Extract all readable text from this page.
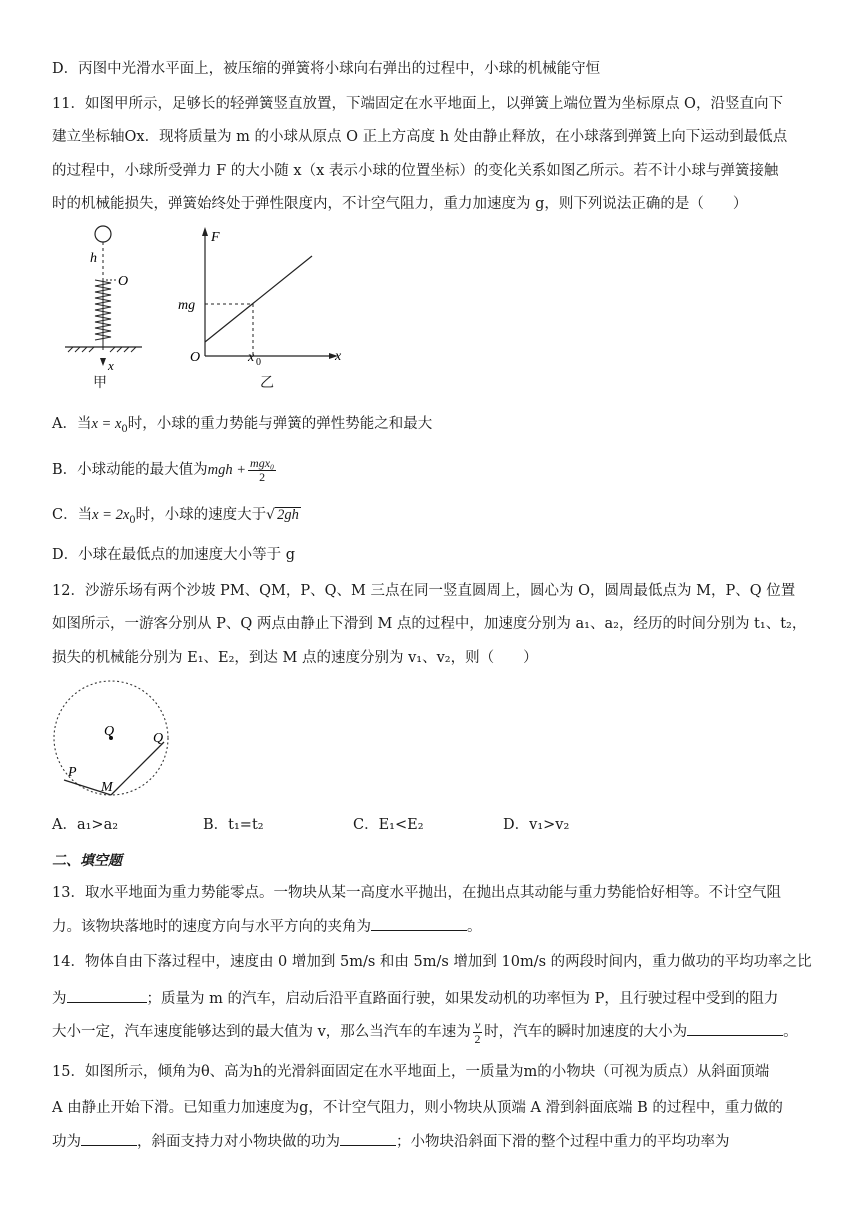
D．丙图中光滑水平面上，被压缩的弹簧将小球向右弹出的过程中，小球的机械能守恒
11．如图甲所示，足够长的轻弹簧竖直放置，下端固定在水平地面上，以弹簧上端位置为坐标原点 O，沿竖直向下
建立坐标轴Ox．现将质量为 m 的小球从原点 O 正上方高度 h 处由静止释放，在小球落到弹簧上向下运动到最低点
的过程中，小球所受弹力 F 的大小随 x（x 表示小球的位置坐标）的变化关系如图乙所示。若不计小球与弹簧接触
时的机械能损失，弹簧始终处于弹性限度内，不计空气阻力，重力加速度为 g，则下列说法正确的是（　　）
h
O
x
甲
F
x
mg
O	x 0
乙
A．当$x = x_0$时，小球的重力势能与弹簧的弹性势能之和最大
B．小球动能的最大值为mgh + $\frac{\text{mgx₀}}{2}$
C．当$x = 2x_0$时，小球的速度大于√ 2gh
D．小球在最低点的加速度大小等于 g
12．沙游乐场有两个沙坡 PM、QM，P、Q、M 三点在同一竖直圆周上，圆心为 O，圆周最低点为 M，P、Q 位置
如图所示，一游客分别从 P、Q 两点由静止下滑到 M 点的过程中，加速度分别为 a₁、a₂，经历的时间分别为 t₁、t₂，
损失的机械能分别为 E₁、E₂，到达 M 点的速度分别为 v₁、v₂，则（　　）
Q	Q
P
M
A．a₁>a₂	B．t₁=t₂	C．E₁<E₂	D．v₁>v₂
二、填空题
13．取水平地面为重力势能零点。一物块从某一高度水平抛出，在抛出点其动能与重力势能恰好相等。不计空气阻
力。该物块落地时的速度方向与水平方向的夹角为	。
14．物体自由下落过程中，速度由 0 增加到 5m/s 和由 5m/s 增加到 10m/s 的两段时间内，重力做功的平均功率之比
为	；质量为 m 的汽车，启动后沿平直路面行驶，如果发动机的功率恒为 P，且行驶过程中受到的阻力
大小一定，汽车速度能够达到的最大值为 v，那么当汽车的车速为 $\frac{v}{2}$ 时，汽车的瞬时加速度的大小为	。
15．如图所示，倾角为θ、高为h的光滑斜面固定在水平地面上，一质量为m的小物块（可视为质点）从斜面顶端
A 由静止开始下滑。已知重力加速度为g，不计空气阻力，则小物块从顶端 A 滑到斜面底端 B 的过程中，重力做的
功为	，斜面支持力对小物块做的功为	；小物块沿斜面下滑的整个过程中重力的平均功率为
